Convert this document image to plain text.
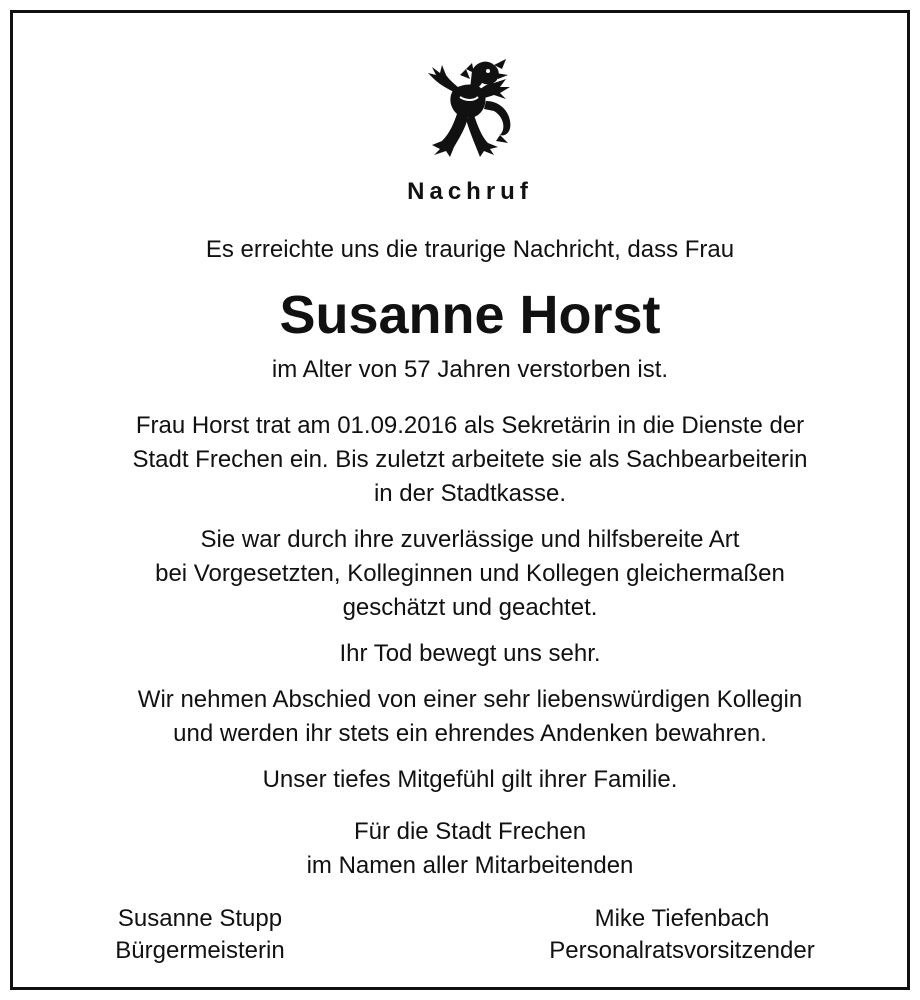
Nachruf
Es erreichte uns die traurige Nachricht, dass Frau
Susanne Horst
im Alter von 57 Jahren verstorben ist.
Frau Horst trat am 01.09.2016 als Sekretärin in die Dienste der
Stadt Frechen ein. Bis zuletzt arbeitete sie als Sachbearbeiterin
in der Stadtkasse.
Sie war durch ihre zuverlässige und hilfsbereite Art
bei Vorgesetzten, Kolleginnen und Kollegen gleichermaßen
geschätzt und geachtet.
Ihr Tod bewegt uns sehr.
Wir nehmen Abschied von einer sehr liebenswürdigen Kollegin
und werden ihr stets ein ehrendes Andenken bewahren.
Unser tiefes Mitgefühl gilt ihrer Familie.
Für die Stadt Frechen
im Namen aller Mitarbeitenden
Susanne Stupp
Bürgermeisterin
Mike Tiefenbach
Personalratsvorsitzender
